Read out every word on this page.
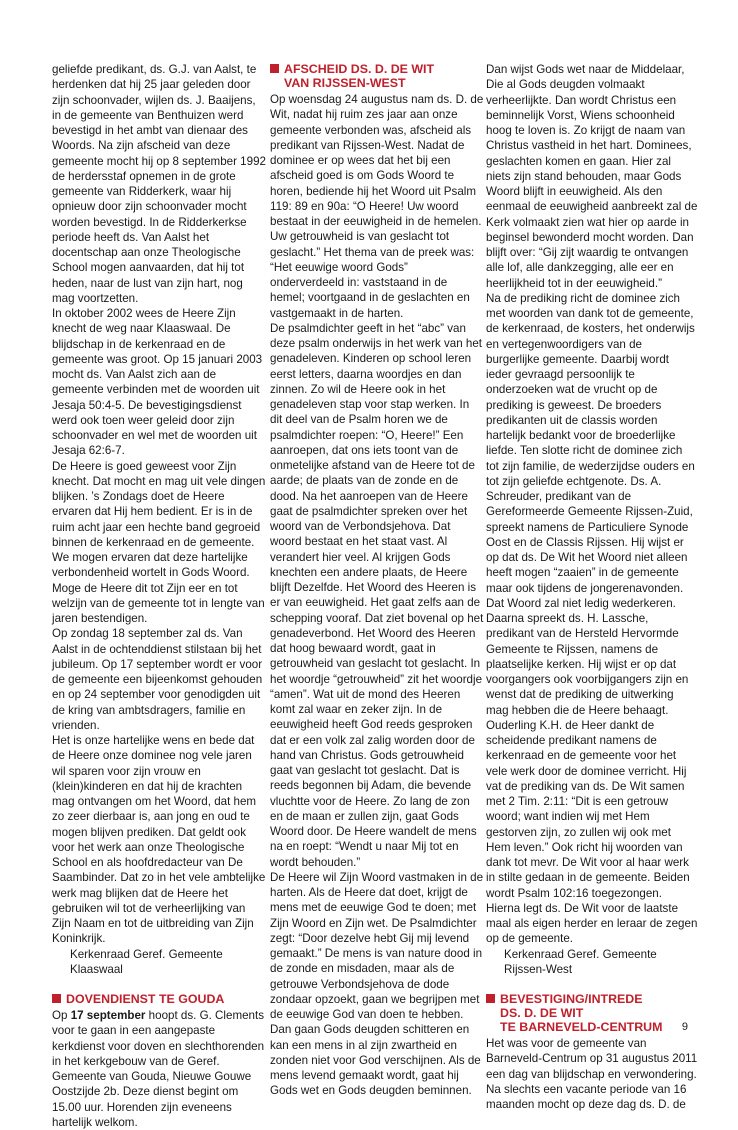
geliefde predikant, ds. G.J. van Aalst, te herdenken dat hij 25 jaar geleden door zijn schoonvader, wijlen ds. J. Baaijens, in de gemeente van Benthuizen werd bevestigd in het ambt van dienaar des Woords. Na zijn afscheid van deze gemeente mocht hij op 8 september 1992 de herdersstaf opnemen in de grote gemeente van Ridderkerk, waar hij opnieuw door zijn schoonvader mocht worden bevestigd. In de Ridderkerkse periode heeft ds. Van Aalst het docentschap aan onze Theologische School mogen aanvaarden, dat hij tot heden, naar de lust van zijn hart, nog mag voortzetten.

In oktober 2002 wees de Heere Zijn knecht de weg naar Klaaswaal. De blijdschap in de kerkenraad en de gemeente was groot. Op 15 januari 2003 mocht ds. Van Aalst zich aan de gemeente verbinden met de woorden uit Jesaja 50:4-5. De bevestigingsdienst werd ook toen weer geleid door zijn schoonvader en wel met de woorden uit Jesaja 62:6-7.

De Heere is goed geweest voor Zijn knecht. Dat mocht en mag uit vele dingen blijken. ’s Zondags doet de Heere ervaren dat Hij hem bedient. Er is in de ruim acht jaar een hechte band gegroeid binnen de kerkenraad en de gemeente. We mogen ervaren dat deze hartelijke verbondenheid wortelt in Gods Woord. Moge de Heere dit tot Zijn eer en tot welzijn van de gemeente tot in lengte van jaren bestendigen.

Op zondag 18 september zal ds. Van Aalst in de ochtenddienst stilstaan bij het jubileum. Op 17 september wordt er voor de gemeente een bijeenkomst gehouden en op 24 september voor genodigden uit de kring van ambtsdragers, familie en vrienden.

Het is onze hartelijke wens en bede dat de Heere onze dominee nog vele jaren wil sparen voor zijn vrouw en (klein)kinderen en dat hij de krachten mag ontvangen om het Woord, dat hem zo zeer dierbaar is, aan jong en oud te mogen blijven prediken. Dat geldt ook voor het werk aan onze Theologische School en als hoofdredacteur van De Saambinder. Dat zo in het vele ambtelijke werk mag blijken dat de Heere het gebruiken wil tot de verheerlijking van Zijn Naam en tot de uitbreiding van Zijn Koninkrijk.

Kerkenraad Geref. Gemeente

Klaaswaal

DOVENDIENST TE GOUDA

Op 17 september hoopt ds. G. Clements voor te gaan in een aangepaste kerkdienst voor doven en slechthorenden in het kerkgebouw van de Geref. Gemeente van Gouda, Nieuwe Gouwe Oostzijde 2b. Deze dienst begint om 15.00 uur. Horenden zijn eveneens hartelijk welkom.

AFSCHEID DS. D. DE WIT
VAN RIJSSEN-WEST

Op woensdag 24 augustus nam ds. D. de Wit, nadat hij ruim zes jaar aan onze gemeente verbonden was, afscheid als predikant van Rijssen-West. Nadat de dominee er op wees dat het bij een afscheid goed is om Gods Woord te horen, bediende hij het Woord uit Psalm 119: 89 en 90a: “O Heere! Uw woord bestaat in der eeuwigheid in de hemelen. Uw getrouwheid is van geslacht tot geslacht.” Het thema van de preek was: “Het eeuwige woord Gods” onderverdeeld in: vaststaand in de hemel; voortgaand in de geslachten en vastgemaakt in de harten.

De psalmdichter geeft in het “abc” van deze psalm onderwijs in het werk van het genadeleven. Kinderen op school leren eerst letters, daarna woordjes en dan zinnen. Zo wil de Heere ook in het genadeleven stap voor stap werken. In dit deel van de Psalm horen we de psalmdichter roepen: “O, Heere!” Een aanroepen, dat ons iets toont van de onmetelijke afstand van de Heere tot de aarde; de plaats van de zonde en de dood. Na het aanroepen van de Heere gaat de psalmdichter spreken over het woord van de Verbondsjehova. Dat woord bestaat en het staat vast. Al verandert hier veel. Al krijgen Gods knechten een andere plaats, de Heere blijft Dezelfde. Het Woord des Heeren is er van eeuwigheid. Het gaat zelfs aan de schepping vooraf. Dat ziet bovenal op het genadeverbond. Het Woord des Heeren dat hoog bewaard wordt, gaat in getrouwheid van geslacht tot geslacht. In het woordje “getrouwheid” zit het woordje “amen”. Wat uit de mond des Heeren komt zal waar en zeker zijn. In de eeuwigheid heeft God reeds gesproken dat er een volk zal zalig worden door de hand van Christus. Gods getrouwheid gaat van geslacht tot geslacht. Dat is reeds begonnen bij Adam, die bevende vluchtte voor de Heere. Zo lang de zon en de maan er zullen zijn, gaat Gods Woord door. De Heere wandelt de mens na en roept: “Wendt u naar Mij tot en wordt behouden.”

De Heere wil Zijn Woord vastmaken in de harten. Als de Heere dat doet, krijgt de mens met de eeuwige God te doen; met Zijn Woord en Zijn wet. De Psalmdichter zegt: “Door dezelve hebt Gij mij levend gemaakt.” De mens is van nature dood in de zonde en misdaden, maar als de getrouwe Verbondsjehova de dode zondaar opzoekt, gaan we begrijpen met de eeuwige God van doen te hebben. Dan gaan Gods deugden schitteren en kan een mens in al zijn zwartheid en zonden niet voor God verschijnen. Als de mens levend gemaakt wordt, gaat hij Gods wet en Gods deugden beminnen.

Dan wijst Gods wet naar de Middelaar, Die al Gods deugden volmaakt verheerlijkte. Dan wordt Christus een beminnelijk Vorst, Wiens schoonheid hoog te loven is. Zo krijgt de naam van Christus vastheid in het hart. Dominees, geslachten komen en gaan. Hier zal niets zijn stand behouden, maar Gods Woord blijft in eeuwigheid. Als den eenmaal de eeuwigheid aanbreekt zal de Kerk volmaakt zien wat hier op aarde in beginsel bewonderd mocht worden. Dan blijft over: “Gij zijt waardig te ontvangen alle lof, alle dankzegging, alle eer en heerlijkheid tot in der eeuwigheid.”

Na de prediking richt de dominee zich met woorden van dank tot de gemeente, de kerkenraad, de kosters, het onderwijs en vertegenwoordigers van de burgerlijke gemeente. Daarbij wordt ieder gevraagd persoonlijk te onderzoeken wat de vrucht op de prediking is geweest. De broeders predikanten uit de classis worden hartelijk bedankt voor de broederlijke liefde. Ten slotte richt de dominee zich tot zijn familie, de wederzijdse ouders en tot zijn geliefde echtgenote. Ds. A. Schreuder, predikant van de Gereformeerde Gemeente Rijssen-Zuid, spreekt namens de Particuliere Synode Oost en de Classis Rijssen. Hij wijst er op dat ds. De Wit het Woord niet alleen heeft mogen “zaaien” in de gemeente maar ook tijdens de jongerenavonden. Dat Woord zal niet ledig wederkeren.

Daarna spreekt ds. H. Lassche, predikant van de Hersteld Hervormde Gemeente te Rijssen, namens de plaatselijke kerken. Hij wijst er op dat voorgangers ook voorbijgangers zijn en wenst dat de prediking de uitwerking mag hebben die de Heere behaagt. Ouderling K.H. de Heer dankt de scheidende predikant namens de kerkenraad en de gemeente voor het vele werk door de dominee verricht. Hij vat de prediking van ds. De Wit samen met 2 Tim. 2:11: “Dit is een getrouw woord; want indien wij met Hem gestorven zijn, zo zullen wij ook met Hem leven.” Ook richt hij woorden van dank tot mevr. De Wit voor al haar werk in stilte gedaan in de gemeente. Beiden wordt Psalm 102:16 toegezongen. Hierna legt ds. De Wit voor de laatste maal als eigen herder en leraar de zegen op de gemeente.

Kerkenraad Geref. Gemeente

Rijssen-West

BEVESTIGING/INTREDE
DS. D. DE WIT
TE BARNEVELD-CENTRUM

Het was voor de gemeente van Barneveld-Centrum op 31 augustus 2011 een dag van blijdschap en verwondering. Na slechts een vacante periode van 16 maanden mocht op deze dag ds. D. de

9
